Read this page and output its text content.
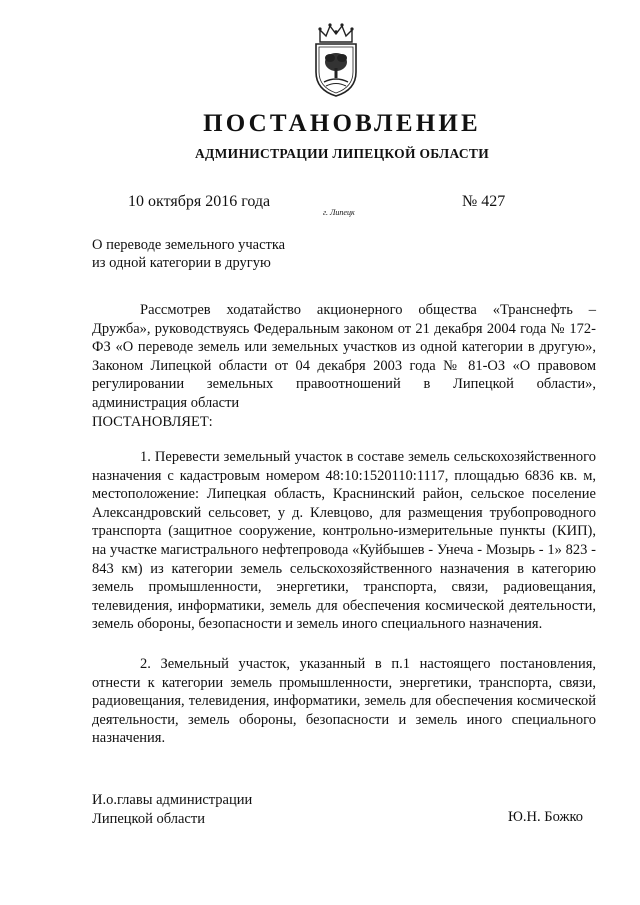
ПОСТАНОВЛЕНИЕ
АДМИНИСТРАЦИИ ЛИПЕЦКОЙ ОБЛАСТИ
10 октября 2016 года
г. Липецк
№ 427
О переводе земельного участка
из одной категории в другую

Рассмотрев ходатайство акционерного общества «Транснефть – Дружба», руководствуясь Федеральным законом от 21 декабря 2004 года № 172-ФЗ «О переводе земель или земельных участков из одной категории в другую», Законом Липецкой области от 04 декабря 2003 года № 81-ОЗ «О правовом регулировании земельных правоотношений в Липецкой области», администрация области

ПОСТАНОВЛЯЕТ:

1. Перевести земельный участок в составе земель сельскохозяйственного назначения с кадастровым номером 48:10:1520110:1117, площадью 6836 кв. м, местоположение: Липецкая область, Краснинский район, сельское поселение Александровский сельсовет, у д. Клевцово, для размещения трубопроводного транспорта (защитное сооружение, контрольно-измерительные пункты (КИП), на участке магистрального нефтепровода «Куйбышев - Унеча - Мозырь - 1» 823 - 843 км) из категории земель сельскохозяйственного назначения в категорию земель промышленности, энергетики, транспорта, связи, радиовещания, телевидения, информатики, земель для обеспечения космической деятельности, земель обороны, безопасности и земель иного специального назначения.

2. Земельный участок, указанный в п.1 настоящего постановления, отнести к категории земель промышленности, энергетики, транспорта, связи, радиовещания, телевидения, информатики, земель для обеспечения космической деятельности, земель обороны, безопасности и земель иного специального назначения.

И.о.главы администрации
Липецкой области	Ю.Н. Божко
